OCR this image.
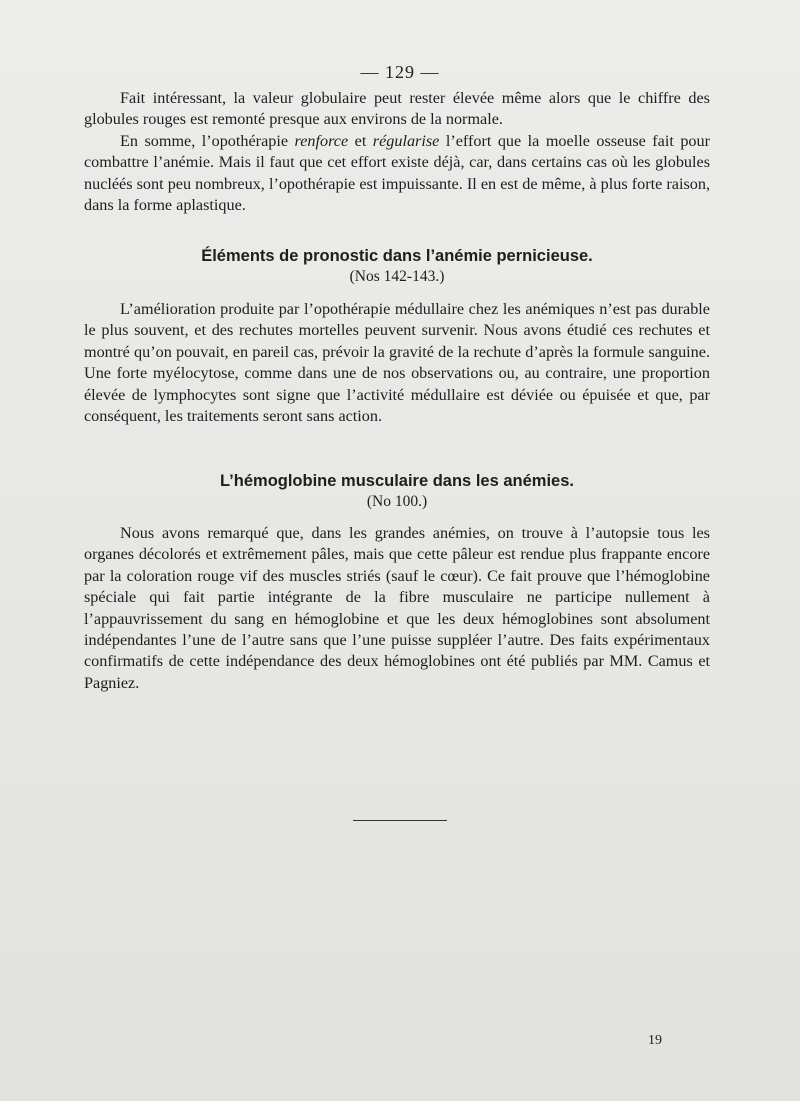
— 129 —

Fait intéressant, la valeur globulaire peut rester élevée même alors que le chiffre des globules rouges est remonté presque aux environs de la normale.

En somme, l’opothérapie renforce et régularise l’effort que la moelle osseuse fait pour combattre l’anémie. Mais il faut que cet effort existe déjà, car, dans certains cas où les globules nucléés sont peu nombreux, l’opothérapie est impuissante. Il en est de même, à plus forte raison, dans la forme aplastique.

Éléments de pronostic dans l’anémie pernicieuse.
(Nos 142-143.)

L’amélioration produite par l’opothérapie médullaire chez les anémiques n’est pas durable le plus souvent, et des rechutes mortelles peuvent survenir. Nous avons étudié ces rechutes et montré qu’on pouvait, en pareil cas, prévoir la gravité de la rechute d’après la formule sanguine. Une forte myélocytose, comme dans une de nos observations ou, au contraire, une proportion élevée de lymphocytes sont signe que l’activité médullaire est déviée ou épuisée et que, par conséquent, les traitements seront sans action.

L’hémoglobine musculaire dans les anémies.
(No 100.)

Nous avons remarqué que, dans les grandes anémies, on trouve à l’autopsie tous les organes décolorés et extrêmement pâles, mais que cette pâleur est rendue plus frappante encore par la coloration rouge vif des muscles striés (sauf le cœur). Ce fait prouve que l’hémoglobine spéciale qui fait partie intégrante de la fibre musculaire ne participe nullement à l’appauvrissement du sang en hémoglobine et que les deux hémoglobines sont absolument indépendantes l’une de l’autre sans que l’une puisse suppléer l’autre. Des faits expérimentaux confirmatifs de cette indépendance des deux hémoglobines ont été publiés par MM. Camus et Pagniez.

19
